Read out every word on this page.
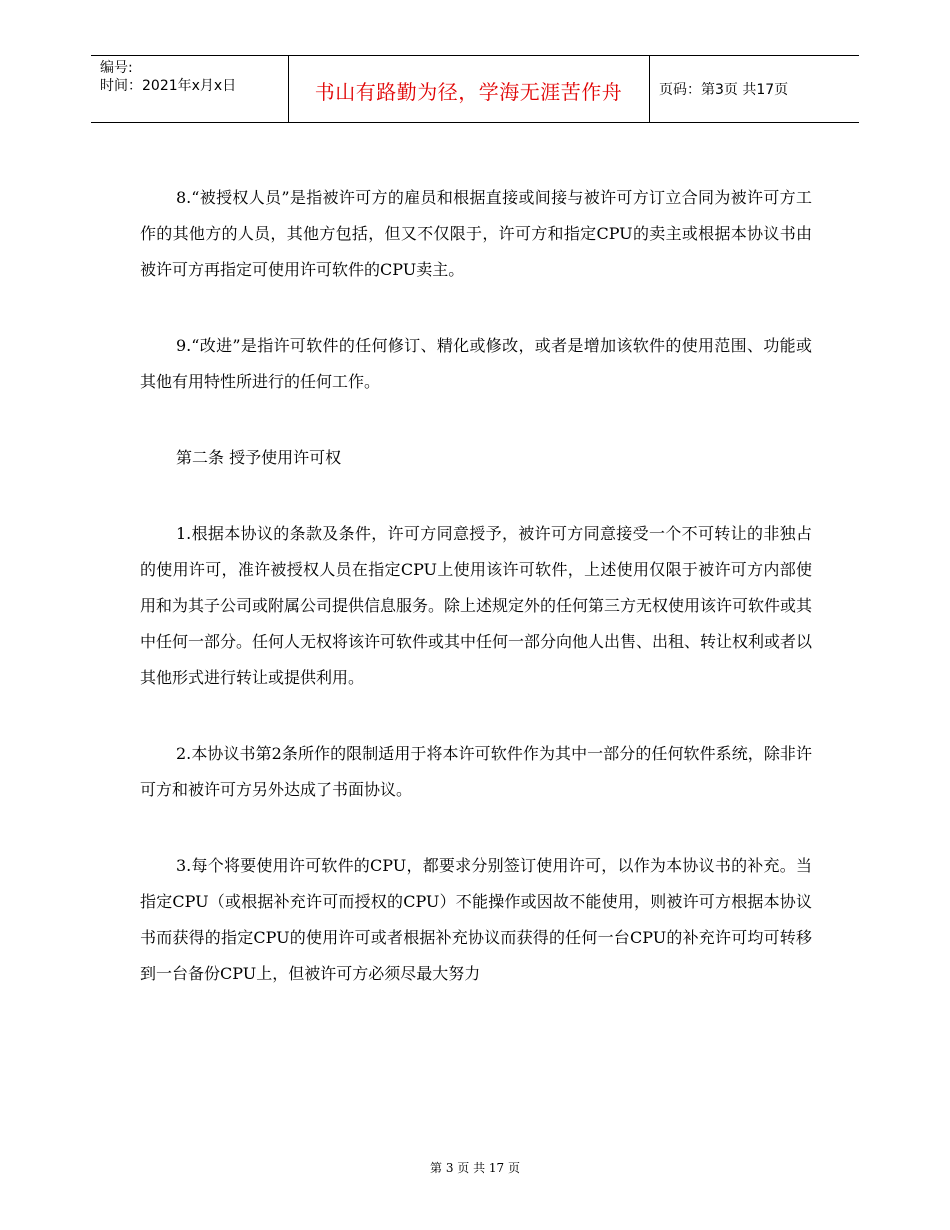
编号:
时间：2021年x月x日	书山有路勤为径，学海无涯苦作舟	页码：第3页 共17页

8.“被授权人员”是指被许可方的雇员和根据直接或间接与被许可方订立合同为被许可方工作的其他方的人员，其他方包括，但又不仅限于，许可方和指定CPU的卖主或根据本协议书由被许可方再指定可使用许可软件的CPU卖主。

9.“改进”是指许可软件的任何修订、精化或修改，或者是增加该软件的使用范围、功能或其他有用特性所进行的任何工作。

第二条 授予使用许可权

1.根据本协议的条款及条件，许可方同意授予，被许可方同意接受一个不可转让的非独占的使用许可，准许被授权人员在指定CPU上使用该许可软件，上述使用仅限于被许可方内部使用和为其子公司或附属公司提供信息服务。除上述规定外的任何第三方无权使用该许可软件或其中任何一部分。任何人无权将该许可软件或其中任何一部分向他人出售、出租、转让权利或者以其他形式进行转让或提供利用。

2.本协议书第2条所作的限制适用于将本许可软件作为其中一部分的任何软件系统，除非许可方和被许可方另外达成了书面协议。

3.每个将要使用许可软件的CPU，都要求分别签订使用许可，以作为本协议书的补充。当指定CPU（或根据补充许可而授权的CPU）不能操作或因故不能使用，则被许可方根据本协议书而获得的指定CPU的使用许可或者根据补充协议而获得的任何一台CPU的补充许可均可转移到一台备份CPU上，但被许可方必须尽最大努力

第 3 页 共 17 页
